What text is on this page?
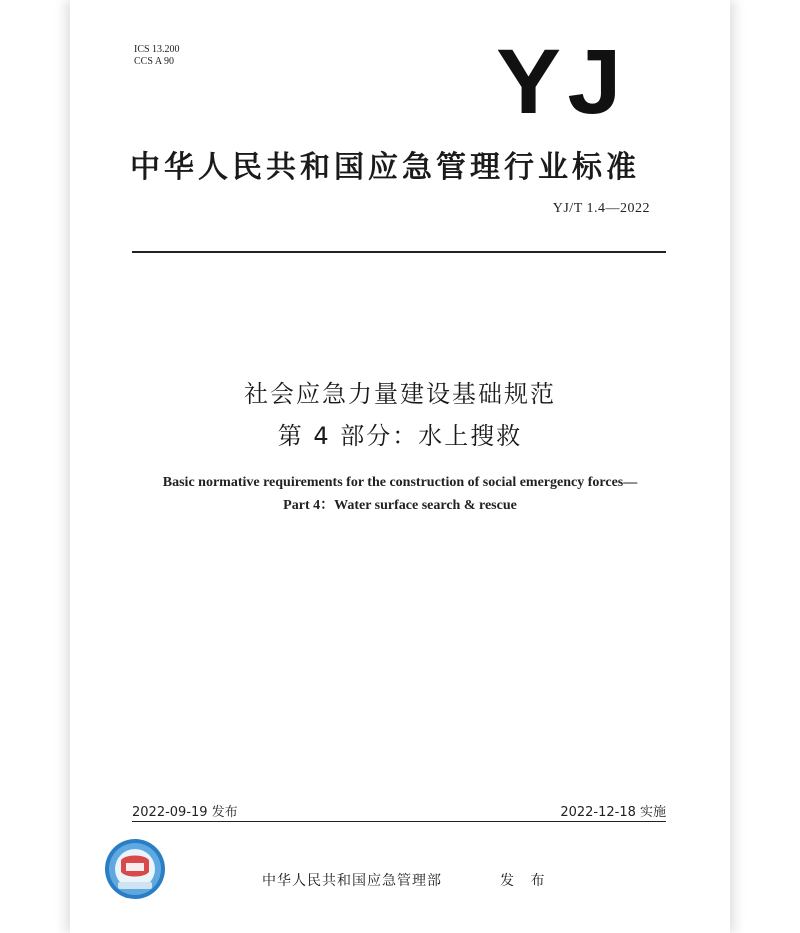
ICS 13.200
CCS A 90	YJ
中华人民共和国应急管理行业标准
YJ/T 1.4—2022
社会应急力量建设基础规范
第 4 部分：水上搜救
Basic normative requirements for the construction of social emergency forces—
Part 4：Water surface search & rescue
2022-09-19 发布	2022-12-18 实施
中华人民共和国应急管理部	发 布
